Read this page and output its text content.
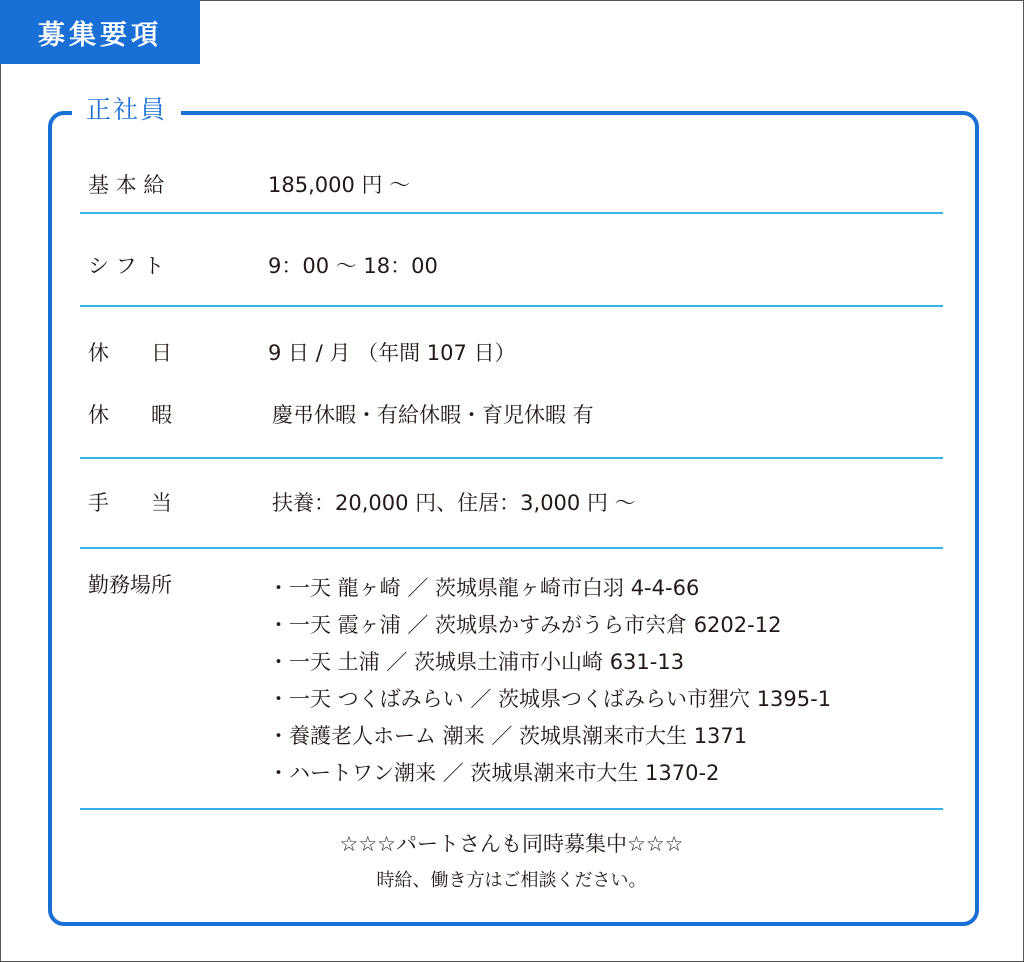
募集要項
正社員
基 本 給	185,000 円 ～
シ フ ト	9：00 ～ 18：00
休　　日	9 日 / 月 （年間 107 日）
休　　暇	慶弔休暇・有給休暇・育児休暇 有
手　　当	扶養：20,000 円、住居：3,000 円 ～
勤務場所	・一天 龍ヶ崎 ／ 茨城県龍ヶ崎市白羽 4-4-66
・一天 霞ヶ浦 ／ 茨城県かすみがうら市宍倉 6202-12
・一天 土浦 ／ 茨城県土浦市小山崎 631-13
・一天 つくばみらい ／ 茨城県つくばみらい市狸穴 1395-1
・養護老人ホーム 潮来 ／ 茨城県潮来市大生 1371
・ハートワン潮来 ／ 茨城県潮来市大生 1370-2
☆☆☆パートさんも同時募集中☆☆☆
時給、働き方はご相談ください。
